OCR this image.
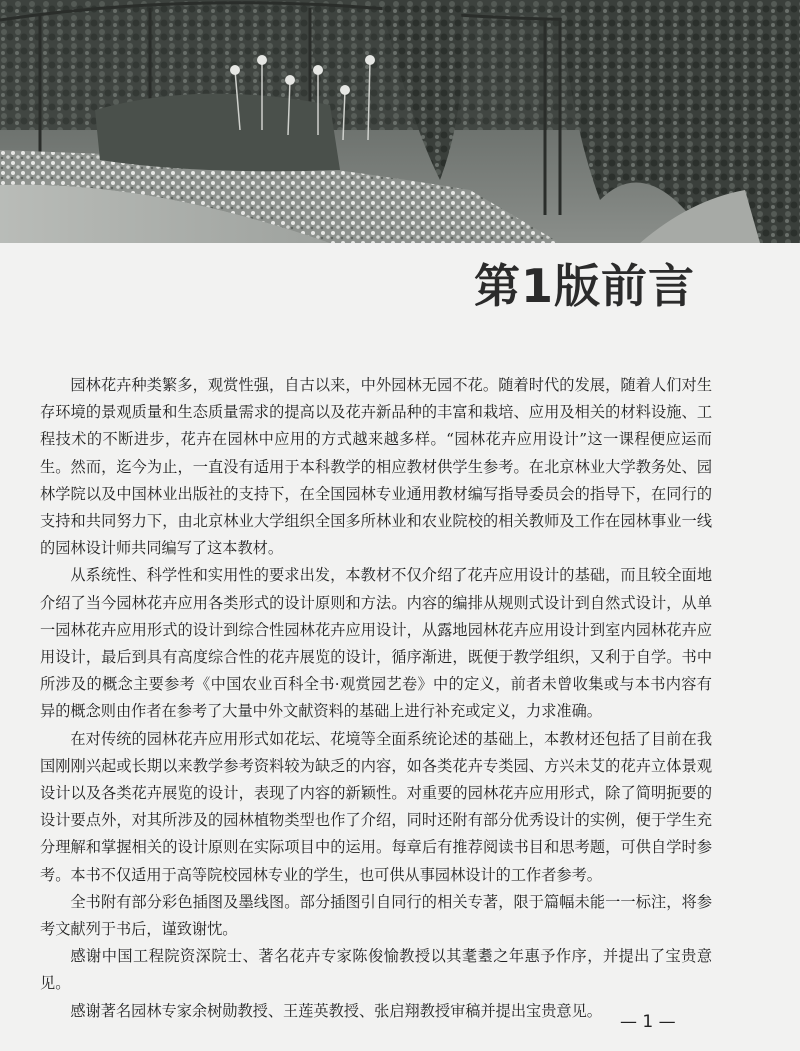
第1版前言

园林花卉种类繁多，观赏性强，自古以来，中外园林无园不花。随着时代的发展，随着人们对生存环境的景观质量和生态质量需求的提高以及花卉新品种的丰富和栽培、应用及相关的材料设施、工程技术的不断进步，花卉在园林中应用的方式越来越多样。“园林花卉应用设计”这一课程便应运而生。然而，迄今为止，一直没有适用于本科教学的相应教材供学生参考。在北京林业大学教务处、园林学院以及中国林业出版社的支持下，在全国园林专业通用教材编写指导委员会的指导下，在同行的支持和共同努力下，由北京林业大学组织全国多所林业和农业院校的相关教师及工作在园林事业一线的园林设计师共同编写了这本教材。

从系统性、科学性和实用性的要求出发，本教材不仅介绍了花卉应用设计的基础，而且较全面地介绍了当今园林花卉应用各类形式的设计原则和方法。内容的编排从规则式设计到自然式设计，从单一园林花卉应用形式的设计到综合性园林花卉应用设计，从露地园林花卉应用设计到室内园林花卉应用设计，最后到具有高度综合性的花卉展览的设计，循序渐进，既便于教学组织，又利于自学。书中所涉及的概念主要参考《中国农业百科全书·观赏园艺卷》中的定义，前者未曾收集或与本书内容有异的概念则由作者在参考了大量中外文献资料的基础上进行补充或定义，力求准确。

在对传统的园林花卉应用形式如花坛、花境等全面系统论述的基础上，本教材还包括了目前在我国刚刚兴起或长期以来教学参考资料较为缺乏的内容，如各类花卉专类园、方兴未艾的花卉立体景观设计以及各类花卉展览的设计，表现了内容的新颖性。对重要的园林花卉应用形式，除了简明扼要的设计要点外，对其所涉及的园林植物类型也作了介绍，同时还附有部分优秀设计的实例，便于学生充分理解和掌握相关的设计原则在实际项目中的运用。每章后有推荐阅读书目和思考题，可供自学时参考。本书不仅适用于高等院校园林专业的学生，也可供从事园林设计的工作者参考。

全书附有部分彩色插图及墨线图。部分插图引自同行的相关专著，限于篇幅未能一一标注，将参考文献列于书后，谨致谢忱。

感谢中国工程院资深院士、著名花卉专家陈俊愉教授以其耄耋之年惠予作序，并提出了宝贵意见。

感谢著名园林专家余树勋教授、王莲英教授、张启翔教授审稿并提出宝贵意见。

— 1 —
